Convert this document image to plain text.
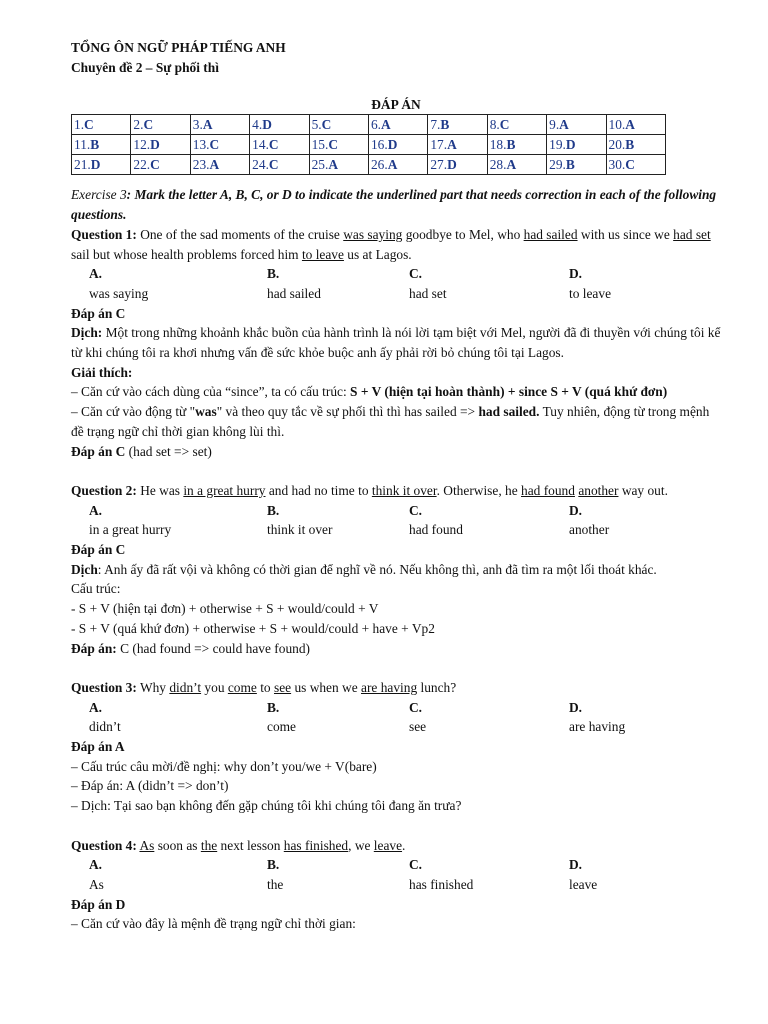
TỔNG ÔN NGỮ PHÁP TIẾNG ANH

Chuyên đề 2 – Sự phối thì

ĐÁP ÁN
1.C	2.C	3.A	4.D	5.C	6.A	7.B	8.C	9.A	10.A
11.B	12.D	13.C	14.C	15.C	16.D	17.A	18.B	19.D	20.B
21.D	22.C	23.A	24.C	25.A	26.A	27.D	28.A	29.B	30.C

Exercise 3: Mark the letter A, B, C, or D to indicate the underlined part that needs correction in each of the following questions.

Question 1: One of the sad moments of the cruise was saying goodbye to Mel, who had sailed with us since we had set sail but whose health problems forced him to leave us at Lagos.

A.
was saying
B.
had sailed
C.
had set
D.
to leave

Đáp án C

Dịch: Một trong những khoảnh khắc buồn của hành trình là nói lời tạm biệt với Mel, người đã đi thuyền với chúng tôi kể từ khi chúng tôi ra khơi nhưng vấn đề sức khỏe buộc anh ấy phải rời bỏ chúng tôi tại Lagos.

Giải thích:

– Căn cứ vào cách dùng của “since”, ta có cấu trúc: S + V (hiện tại hoàn thành) + since S + V (quá khứ đơn)

– Căn cứ vào động từ "was" và theo quy tắc về sự phối thì thì has sailed => had sailed. Tuy nhiên, động từ trong mệnh đề trạng ngữ chỉ thời gian không lùi thì.

Đáp án C (had set => set)

Question 2: He was in a great hurry and had no time to think it over. Otherwise, he had found another way out.

A.
in a great hurry
B.
think it over
C.
had found
D.
another

Đáp án C

Dịch: Anh ấy đã rất vội và không có thời gian để nghĩ về nó. Nếu không thì, anh đã tìm ra một lối thoát khác.

Cấu trúc:

- S + V (hiện tại đơn) + otherwise + S + would/could + V

- S + V (quá khứ đơn) + otherwise + S + would/could + have + Vp2

Đáp án: C (had found => could have found)

Question 3: Why didn’t you come to see us when we are having lunch?

A.
didn’t
B.
come
C.
see
D.
are having

Đáp án A

– Cấu trúc câu mời/đề nghị: why don’t you/we + V(bare)

– Đáp án: A (didn’t => don’t)

– Dịch: Tại sao bạn không đến gặp chúng tôi khi chúng tôi đang ăn trưa?

Question 4: As soon as the next lesson has finished, we leave.

A.
As
B.
the
C.
has finished
D.
leave

Đáp án D

– Căn cứ vào đây là mệnh đề trạng ngữ chỉ thời gian:
